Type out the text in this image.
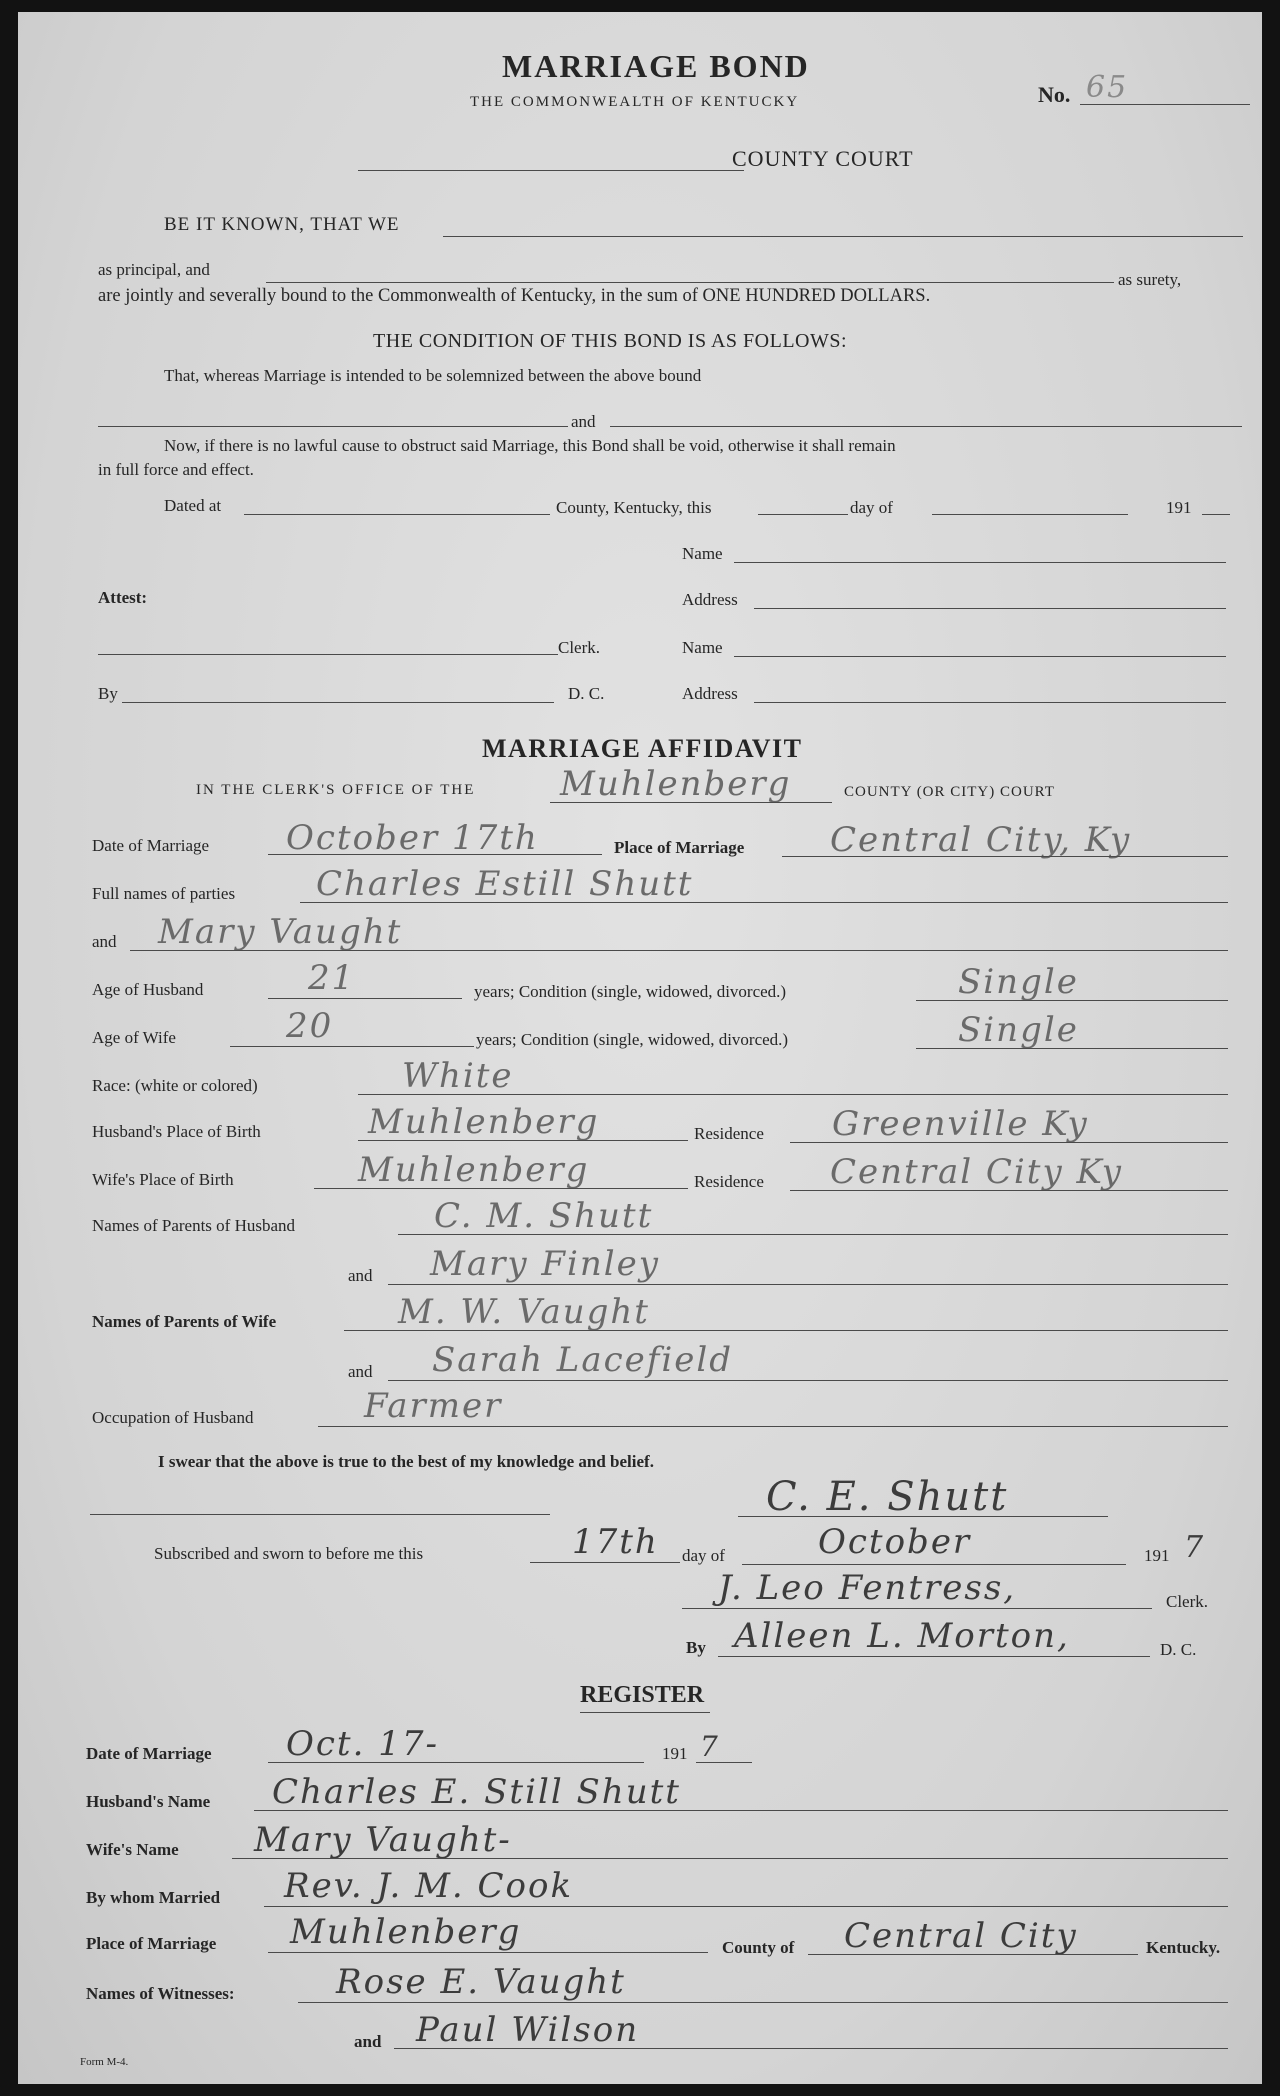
MARRIAGE BOND
THE COMMONWEALTH OF KENTUCKY	No. 65
COUNTY COURT
BE IT KNOWN, THAT WE
as principal, and
as surety,
are jointly and severally bound to the Commonwealth of Kentucky, in the sum of ONE HUNDRED DOLLARS.
THE CONDITION OF THIS BOND IS AS FOLLOWS:
That, whereas Marriage is intended to be solemnized between the above bound
and
Now, if there is no lawful cause to obstruct said Marriage, this Bond shall be void, otherwise it shall remain
in full force and effect.
Dated at	County, Kentucky, this	day of	191
Name
Attest:	Address
Clerk.	Name
By	D. C.	Address
MARRIAGE AFFIDAVIT
IN THE CLERK'S OFFICE OF THE Muhlenberg	COUNTY (OR CITY) COURT
Date of Marriage October 17th	Place of Marriage	Central City, Ky
Full names of parties Charles Estill Shutt
and Mary Vaught
Age of Husband	21	years; Condition (single, widowed, divorced.)	Single
Age of Wife	20	years; Condition (single, widowed, divorced.)	Single
Race: (white or colored)	White
Husband's Place of Birth	Muhlenberg	Residence Greenville Ky
Wife's Place of Birth	Muhlenberg	Residence Central City Ky
Names of Parents of Husband	C. M. Shutt
and Mary Finley
Names of Parents of Wife	M. W. Vaught
and Sarah Lacefield
Occupation of Husband	Farmer
I swear that the above is true to the best of my knowledge and belief.
C. E. Shutt
Subscribed and sworn to before me this	17th day of	October	191 7
J. Leo Fentress,	Clerk.
By Alleen L. Morton,	D. C.
REGISTER
Date of Marriage Oct. 17-	191 7
Husband's Name Charles E. Still Shutt
Wife's Name Mary Vaught-
By whom Married Rev. J. M. Cook
Place of Marriage Muhlenberg	County of Central City	Kentucky.
Names of Witnesses:	Rose E. Vaught
and Paul Wilson
Form M-4.
